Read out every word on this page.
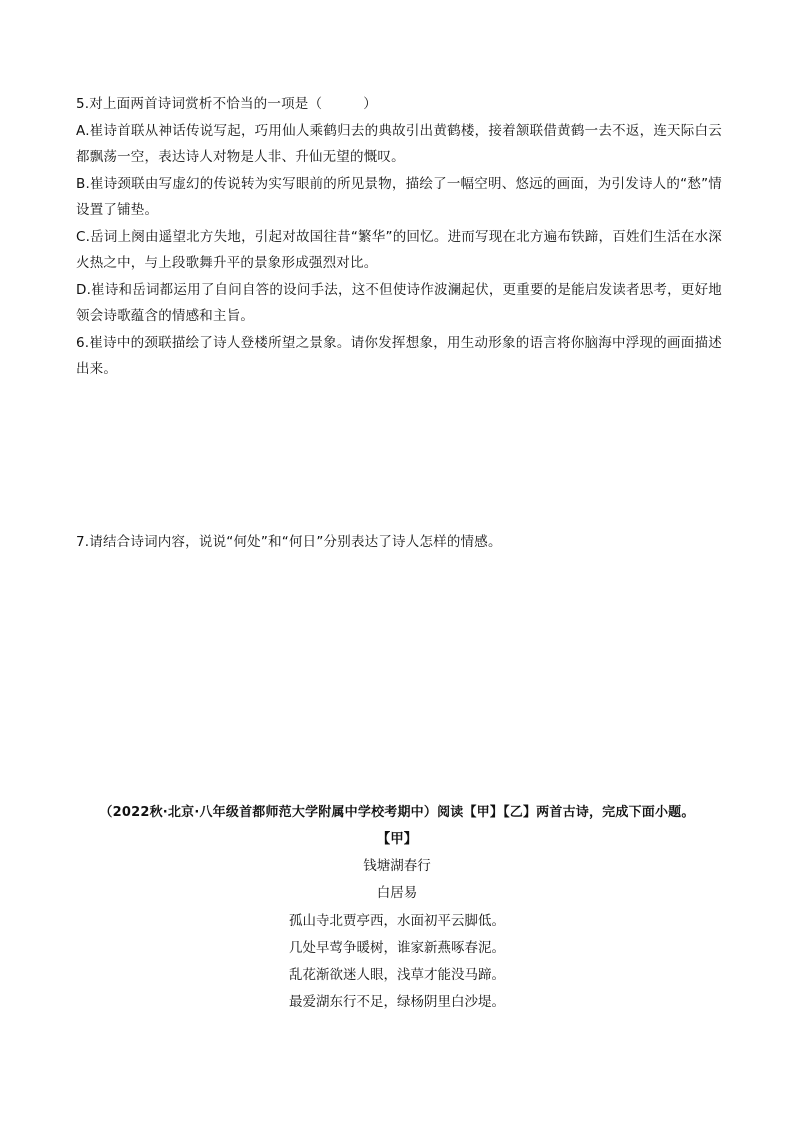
5.对上面两首诗词赏析不恰当的一项是（　　　）

A.崔诗首联从神话传说写起，巧用仙人乘鹤归去的典故引出黄鹤楼，接着颔联借黄鹤一去不返，连天际白云都飘荡一空，表达诗人对物是人非、升仙无望的慨叹。

B.崔诗颈联由写虚幻的传说转为实写眼前的所见景物，描绘了一幅空明、悠远的画面，为引发诗人的“愁”情设置了铺垫。

C.岳词上阕由遥望北方失地，引起对故国往昔“繁华”的回忆。进而写现在北方遍布铁蹄，百姓们生活在水深火热之中，与上段歌舞升平的景象形成强烈对比。

D.崔诗和岳词都运用了自问自答的设问手法，这不但使诗作波澜起伏，更重要的是能启发读者思考，更好地领会诗歌蕴含的情感和主旨。

6.崔诗中的颈联描绘了诗人登楼所望之景象。请你发挥想象，用生动形象的语言将你脑海中浮现的画面描述出来。

7.请结合诗词内容，说说“何处”和“何日”分别表达了诗人怎样的情感。

（2022秋·北京·八年级首都师范大学附属中学校考期中）阅读【甲】【乙】两首古诗，完成下面小题。

【甲】

钱塘湖春行

白居易

孤山寺北贾亭西，水面初平云脚低。

几处早莺争暖树，谁家新燕啄春泥。

乱花渐欲迷人眼，浅草才能没马蹄。

最爱湖东行不足，绿杨阴里白沙堤。
